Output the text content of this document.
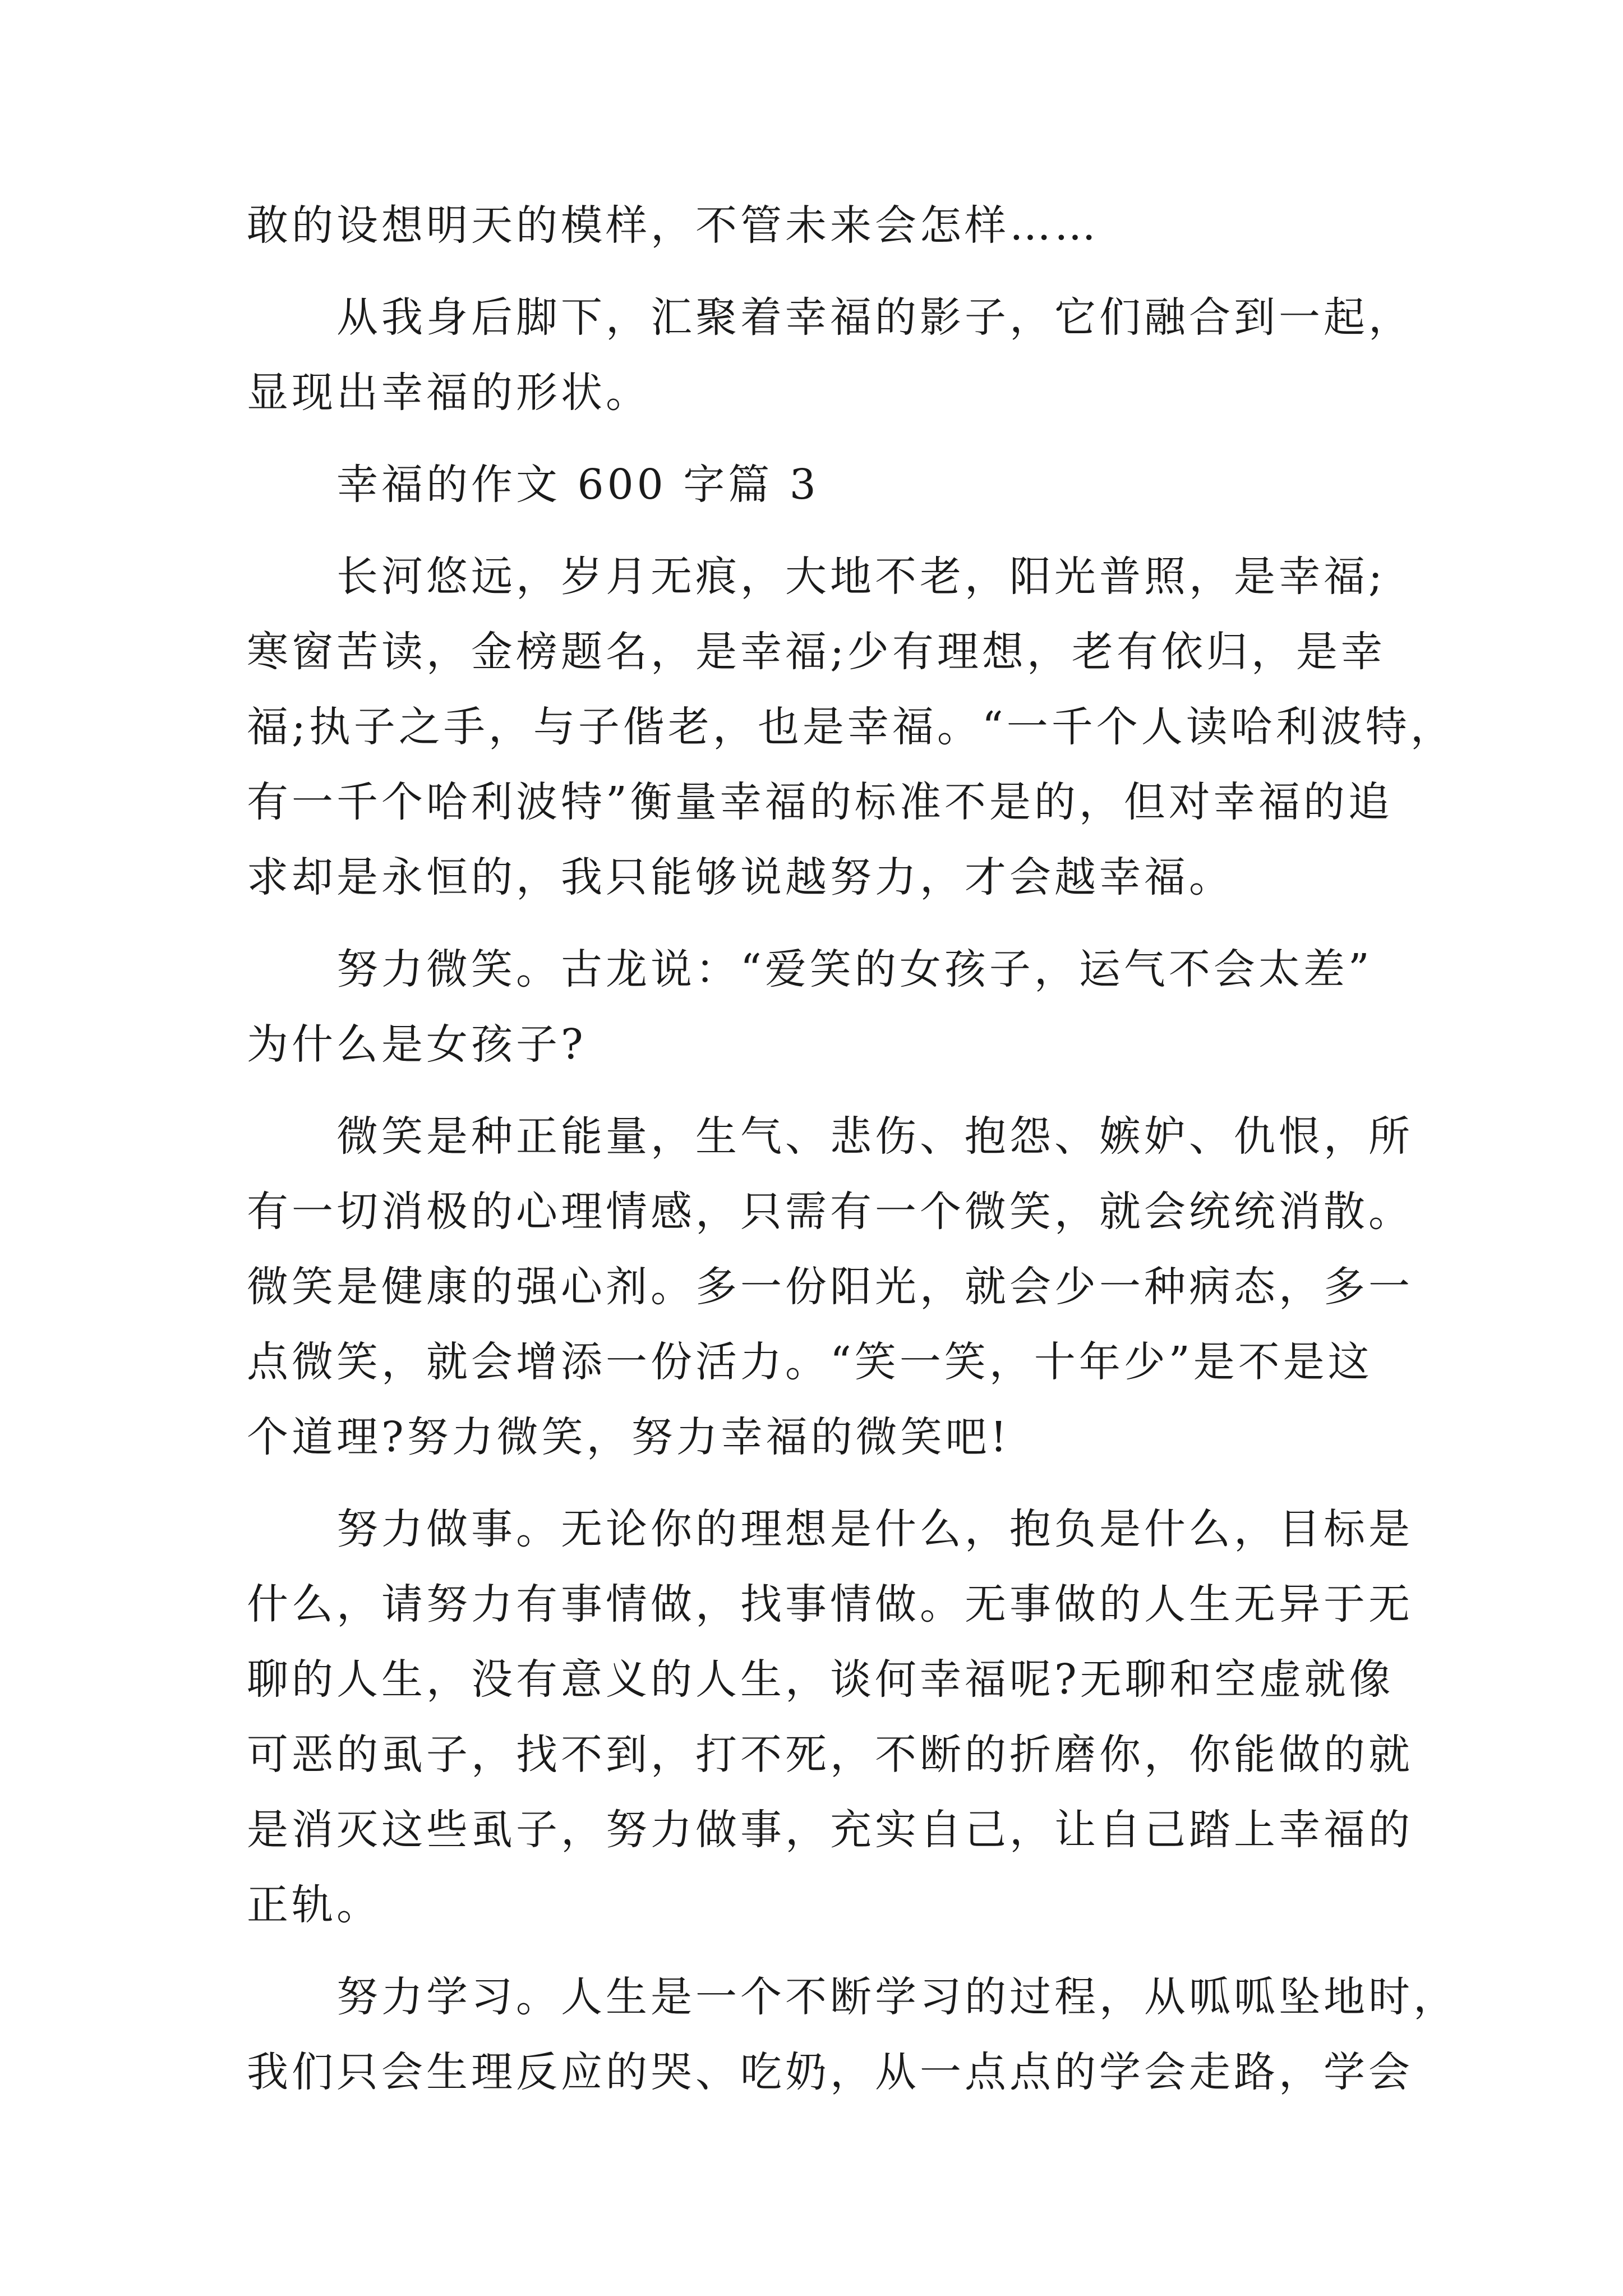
敢的设想明天的模样，不管未来会怎样……
从我身后脚下，汇聚着幸福的影子，它们融合到一起，
显现出幸福的形状。
幸福的作文 600 字篇 3
长河悠远，岁月无痕，大地不老，阳光普照，是幸福;
寒窗苦读，金榜题名，是幸福;少有理想，老有依归，是幸
福;执子之手，与子偕老，也是幸福。“一千个人读哈利波特，
有一千个哈利波特”衡量幸福的标准不是的，但对幸福的追
求却是永恒的，我只能够说越努力，才会越幸福。
努力微笑。古龙说：“爱笑的女孩子，运气不会太差”
为什么是女孩子?
微笑是种正能量，生气、悲伤、抱怨、嫉妒、仇恨，所
有一切消极的心理情感，只需有一个微笑，就会统统消散。
微笑是健康的强心剂。多一份阳光，就会少一种病态，多一
点微笑，就会增添一份活力。“笑一笑，十年少”是不是这
个道理?努力微笑，努力幸福的微笑吧!
努力做事。无论你的理想是什么，抱负是什么，目标是
什么，请努力有事情做，找事情做。无事做的人生无异于无
聊的人生，没有意义的人生，谈何幸福呢?无聊和空虚就像
可恶的虱子，找不到，打不死，不断的折磨你，你能做的就
是消灭这些虱子，努力做事，充实自己，让自己踏上幸福的
正轨。
努力学习。人生是一个不断学习的过程，从呱呱坠地时，
我们只会生理反应的哭、吃奶，从一点点的学会走路，学会
